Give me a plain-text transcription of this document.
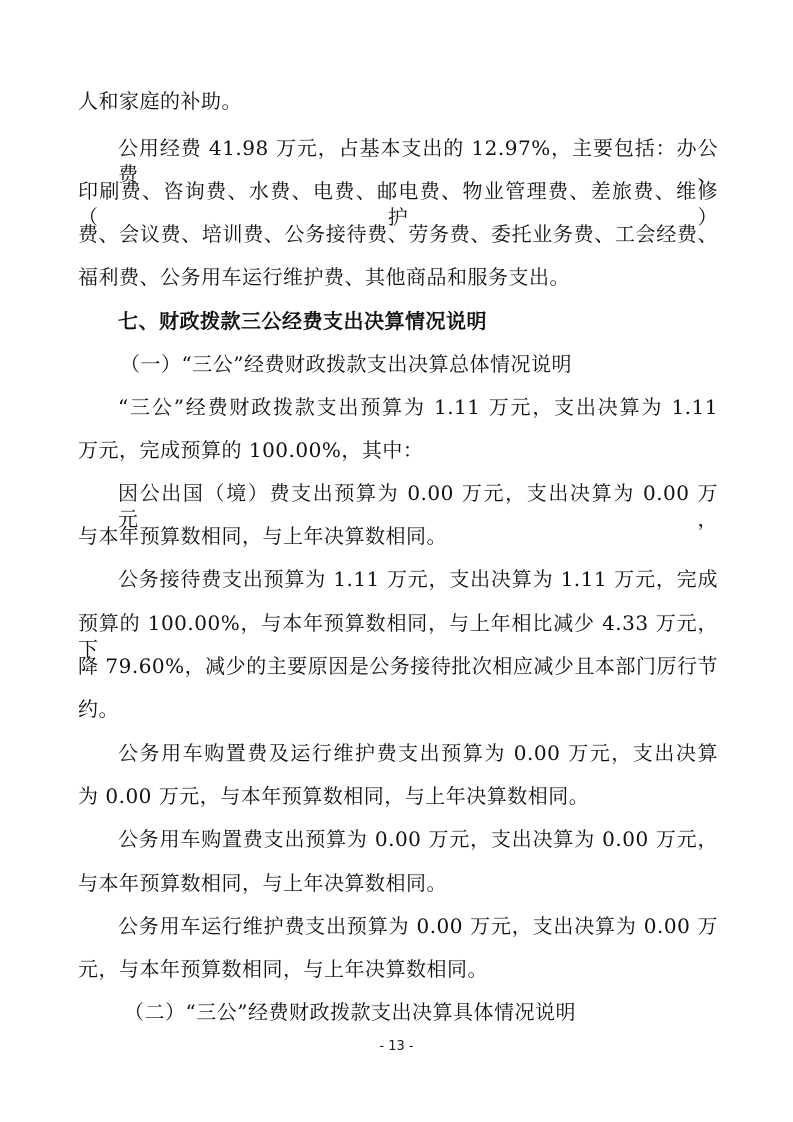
人和家庭的补助。
公用经费 41.98 万元，占基本支出的 12.97%，主要包括：办公费、
印刷费、咨询费、水费、电费、邮电费、物业管理费、差旅费、维修（护）
费、会议费、培训费、公务接待费、劳务费、委托业务费、工会经费、
福利费、公务用车运行维护费、其他商品和服务支出。
七、财政拨款三公经费支出决算情况说明
（一）“三公”经费财政拨款支出决算总体情况说明
“三公”经费财政拨款支出预算为 1.11 万元，支出决算为 1.11
万元，完成预算的 100.00%，其中：
因公出国（境）费支出预算为 0.00 万元，支出决算为 0.00 万元，
与本年预算数相同，与上年决算数相同。
公务接待费支出预算为 1.11 万元，支出决算为 1.11 万元，完成
预算的 100.00%，与本年预算数相同，与上年相比减少 4.33 万元，下
降 79.60%，减少的主要原因是公务接待批次相应减少且本部门厉行节
约。
公务用车购置费及运行维护费支出预算为 0.00 万元，支出决算
为 0.00 万元，与本年预算数相同，与上年决算数相同。
公务用车购置费支出预算为 0.00 万元，支出决算为 0.00 万元，
与本年预算数相同，与上年决算数相同。
公务用车运行维护费支出预算为 0.00 万元，支出决算为 0.00 万
元，与本年预算数相同，与上年决算数相同。
（二）“三公”经费财政拨款支出决算具体情况说明
- 13 -
